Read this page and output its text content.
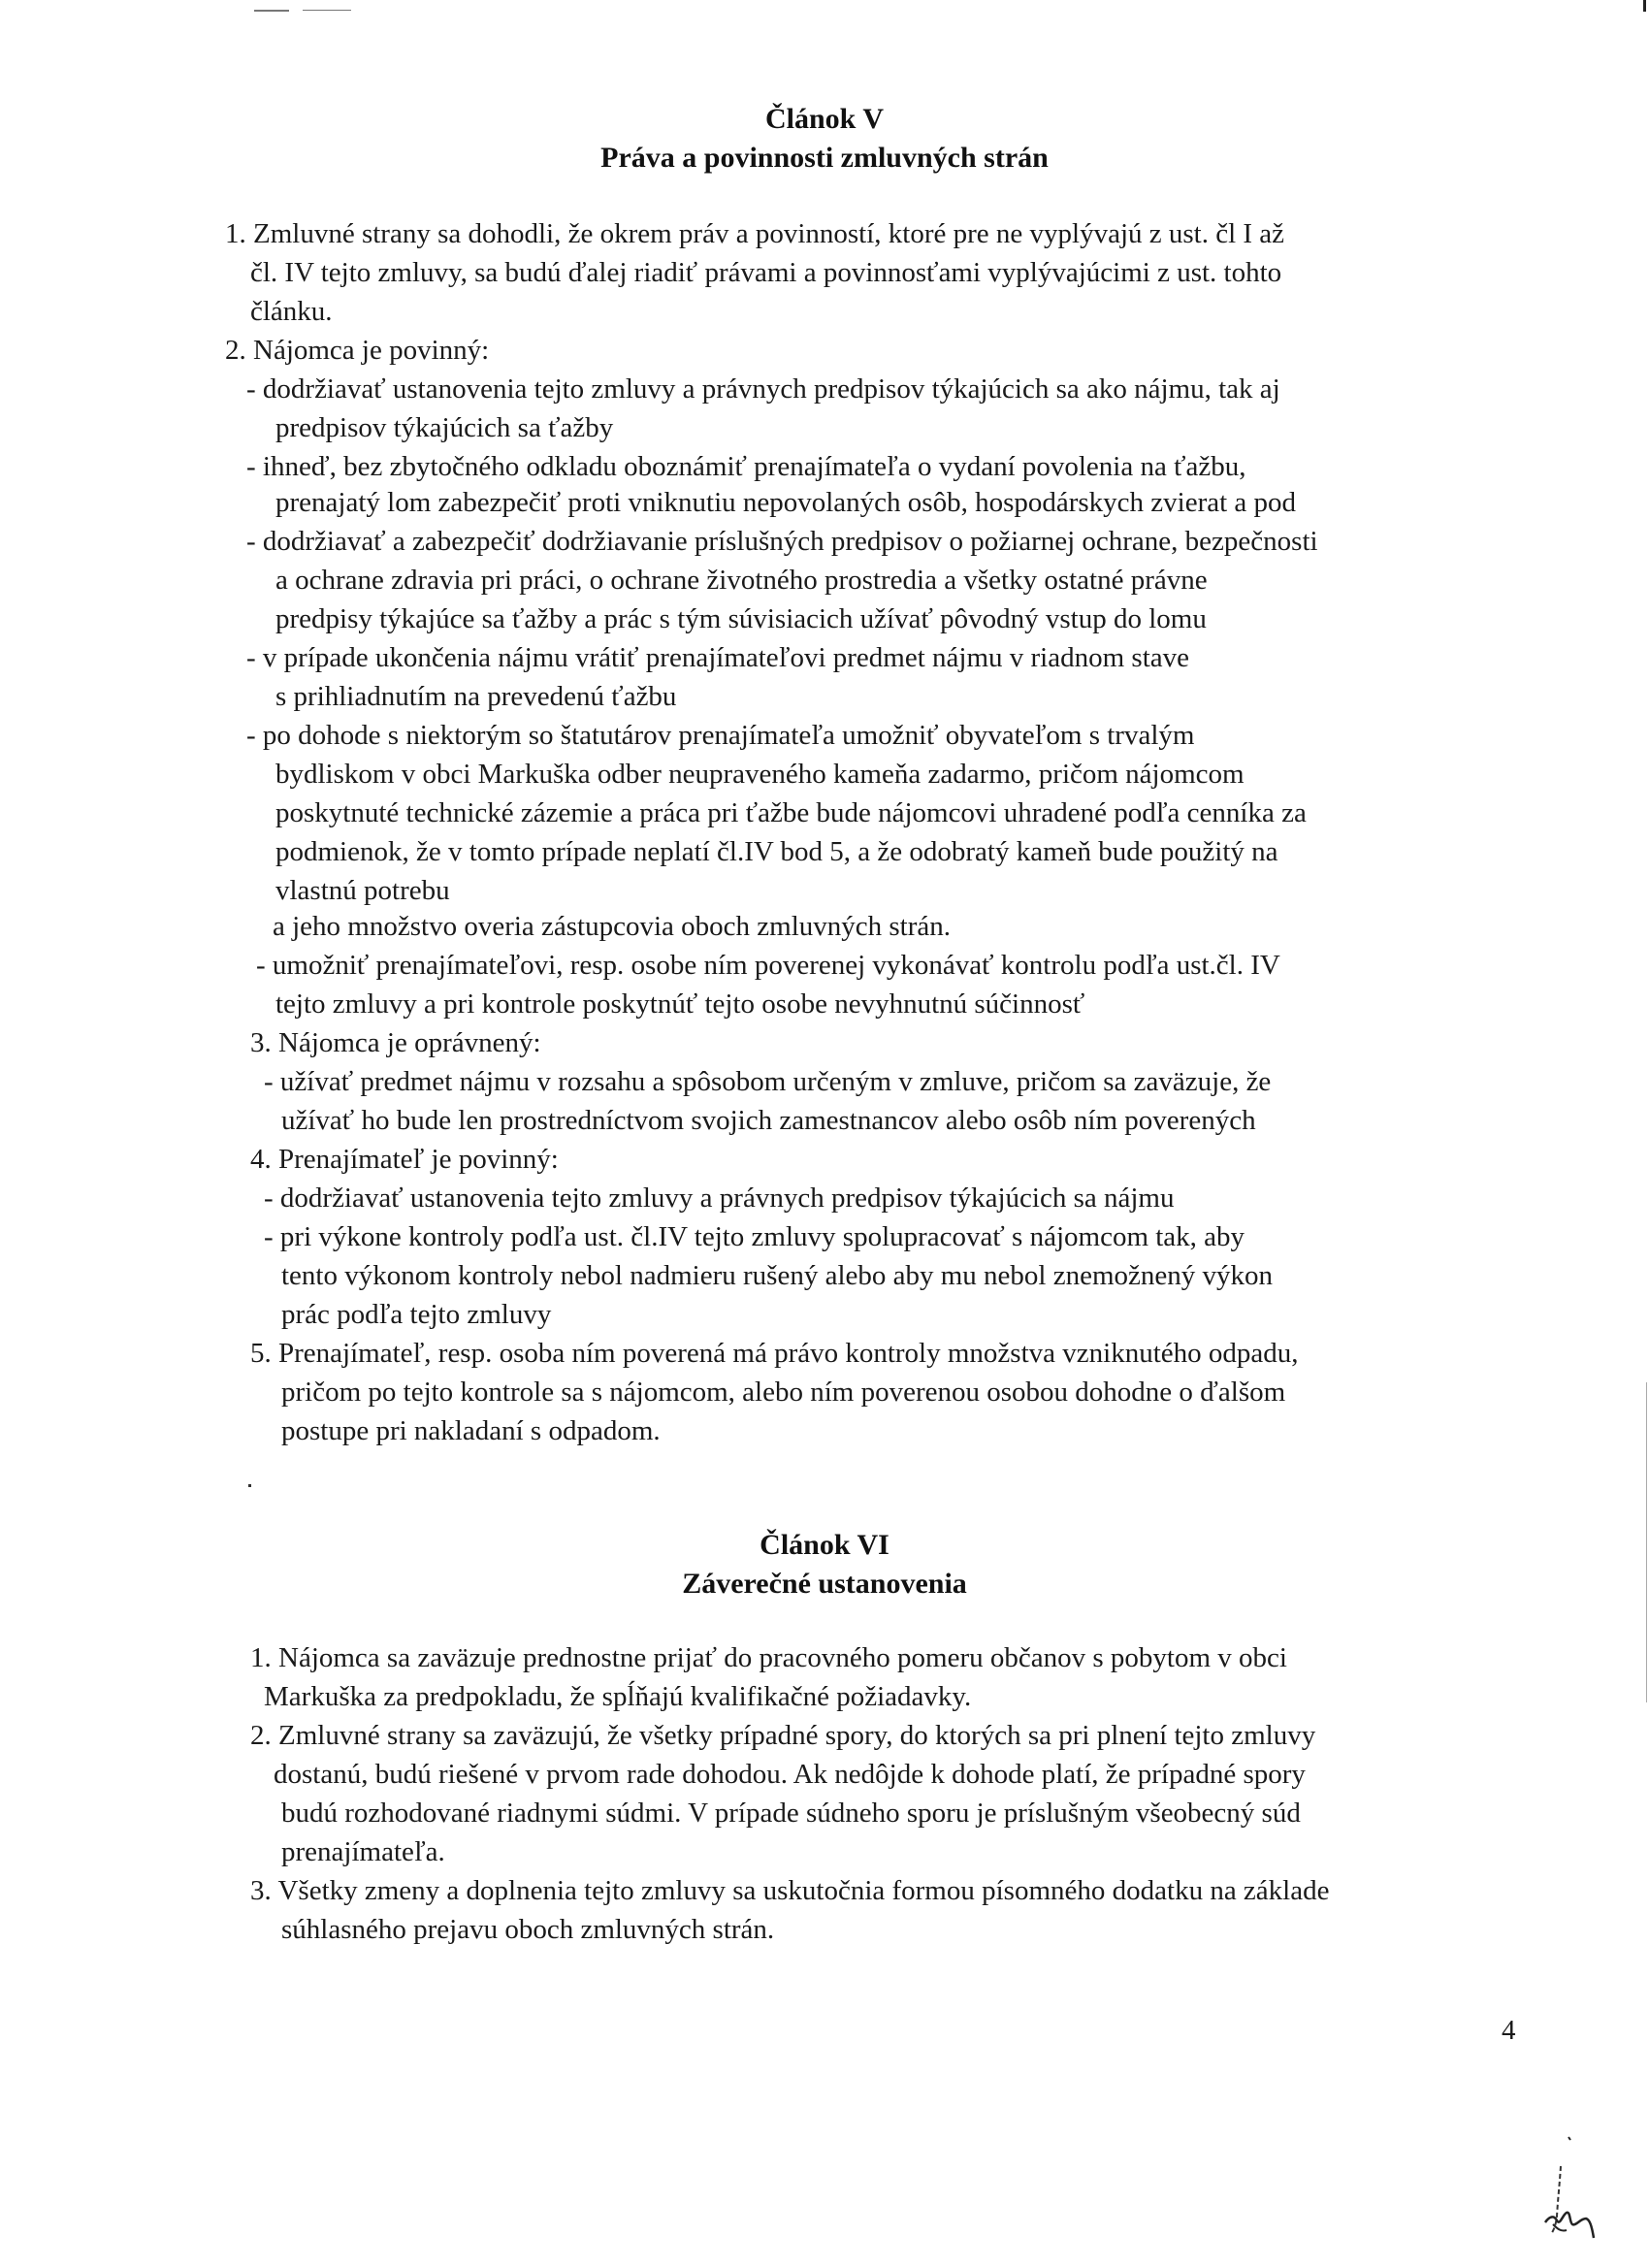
Článok V
Práva a povinnosti zmluvných strán
1. Zmluvné strany sa dohodli, že okrem práv a povinností, ktoré pre ne vyplývajú z ust. čl I až
čl. IV tejto zmluvy, sa budú ďalej riadiť právami a povinnosťami vyplývajúcimi z ust. tohto
článku.
2. Nájomca je povinný:
- dodržiavať ustanovenia tejto zmluvy a právnych predpisov týkajúcich sa ako nájmu, tak aj
predpisov týkajúcich sa ťažby
- ihneď, bez zbytočného odkladu oboznámiť prenajímateľa o vydaní povolenia na ťažbu,
prenajatý lom zabezpečiť proti vniknutiu nepovolaných osôb, hospodárskych zvierat a pod
- dodržiavať a zabezpečiť dodržiavanie príslušných predpisov o požiarnej ochrane, bezpečnosti
a ochrane zdravia pri práci, o ochrane životného prostredia a všetky ostatné právne
predpisy týkajúce sa ťažby a prác s tým súvisiacich užívať pôvodný vstup do lomu
- v prípade ukončenia nájmu vrátiť prenajímateľovi predmet nájmu v riadnom stave
s prihliadnutím na prevedenú ťažbu
- po dohode s niektorým so štatutárov prenajímateľa umožniť obyvateľom s trvalým
bydliskom v obci Markuška odber neupraveného kameňa zadarmo, pričom nájomcom
poskytnuté technické zázemie a práca pri ťažbe bude nájomcovi uhradené podľa cenníka za
podmienok, že v tomto prípade neplatí čl.IV bod 5, a že odobratý kameň bude použitý na
vlastnú potrebu
a jeho množstvo overia zástupcovia oboch zmluvných strán.
- umožniť prenajímateľovi, resp. osobe ním poverenej vykonávať kontrolu podľa ust.čl. IV
tejto zmluvy a pri kontrole poskytnúť tejto osobe nevyhnutnú súčinnosť
3. Nájomca je oprávnený:
- užívať predmet nájmu v rozsahu a spôsobom určeným v zmluve, pričom sa zaväzuje, že
užívať ho bude len prostredníctvom svojich zamestnancov alebo osôb ním poverených
4. Prenajímateľ je povinný:
- dodržiavať ustanovenia tejto zmluvy a právnych predpisov týkajúcich sa nájmu
- pri výkone kontroly podľa ust. čl.IV tejto zmluvy spolupracovať s nájomcom tak, aby
tento výkonom kontroly nebol nadmieru rušený alebo aby mu nebol znemožnený výkon
prác podľa tejto zmluvy
5. Prenajímateľ, resp. osoba ním poverená má právo kontroly množstva vzniknutého odpadu,
pričom po tejto kontrole sa s nájomcom, alebo ním poverenou osobou dohodne o ďalšom
postupe pri nakladaní s odpadom.
Článok VI
Záverečné ustanovenia
1. Nájomca sa zaväzuje prednostne prijať do pracovného pomeru občanov s pobytom v obci
Markuška za predpokladu, že spĺňajú kvalifikačné požiadavky.
2. Zmluvné strany sa zaväzujú, že všetky prípadné spory, do ktorých sa pri plnení tejto zmluvy
dostanú, budú riešené v prvom rade dohodou. Ak nedôjde k dohode platí, že prípadné spory
budú rozhodované riadnymi súdmi. V prípade súdneho sporu je príslušným všeobecný súd
prenajímateľa.
3. Všetky zmeny a doplnenia tejto zmluvy sa uskutočnia formou písomného dodatku na základe
súhlasného prejavu oboch zmluvných strán.
4
